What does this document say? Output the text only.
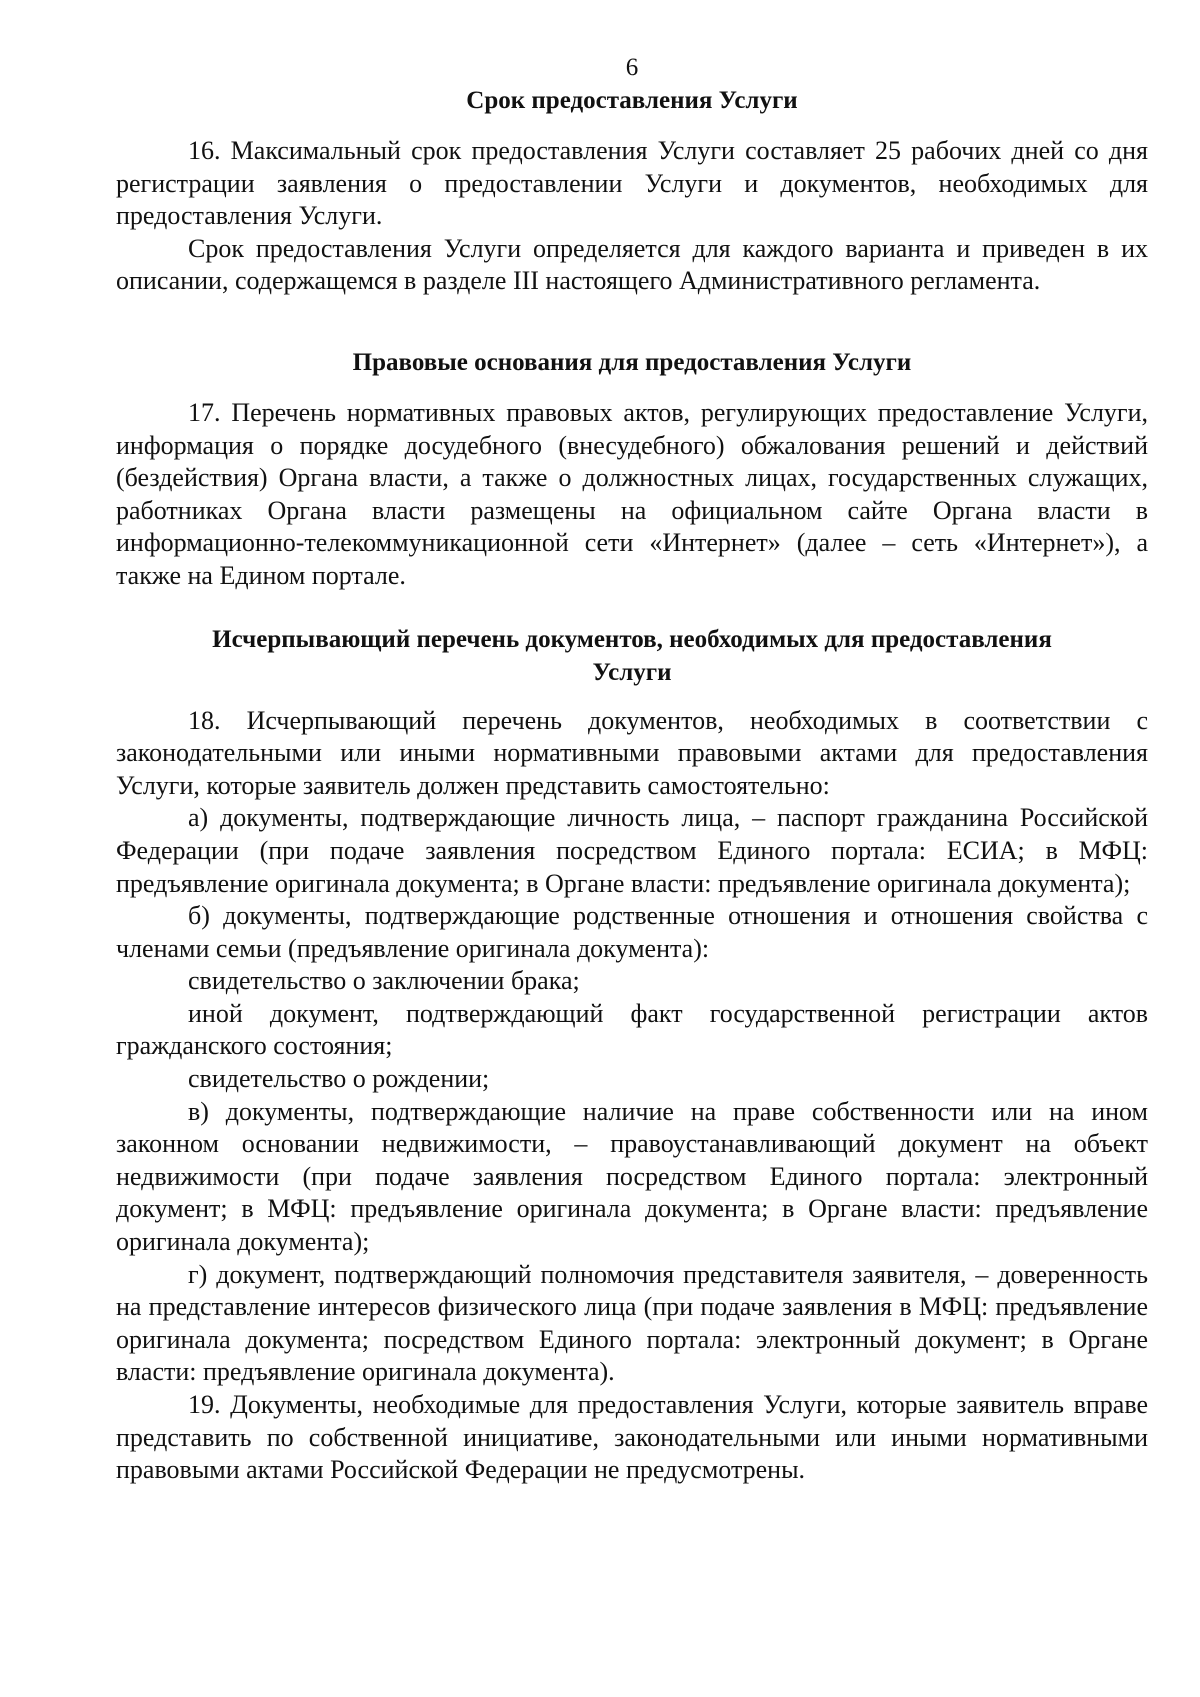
6

Срок предоставления Услуги

16. Максимальный срок предоставления Услуги составляет 25 рабочих дней со дня регистрации заявления о предоставлении Услуги и документов, необходимых для предоставления Услуги.

Срок предоставления Услуги определяется для каждого варианта и приведен в их описании, содержащемся в разделе III настоящего Административного регламента.

Правовые основания для предоставления Услуги

17. Перечень нормативных правовых актов, регулирующих предоставление Услуги, информация о порядке досудебного (внесудебного) обжалования решений и действий (бездействия) Органа власти, а также о должностных лицах, государственных служащих, работниках Органа власти размещены на официальном сайте Органа власти в информационно-телекоммуникационной сети «Интернет» (далее – сеть «Интернет»), а также на Едином портале.

Исчерпывающий перечень документов, необходимых для предоставления

Услуги

18. Исчерпывающий перечень документов, необходимых в соответствии с законодательными или иными нормативными правовыми актами для предоставления Услуги, которые заявитель должен представить самостоятельно:

а) документы, подтверждающие личность лица, – паспорт гражданина Российской Федерации (при подаче заявления посредством Единого портала: ЕСИА; в МФЦ: предъявление оригинала документа; в Органе власти: предъявление оригинала документа);

б) документы, подтверждающие родственные отношения и отношения свойства с членами семьи (предъявление оригинала документа):

свидетельство о заключении брака;

иной документ, подтверждающий факт государственной регистрации актов гражданского состояния;

свидетельство о рождении;

в) документы, подтверждающие наличие на праве собственности или на ином законном основании недвижимости, – правоустанавливающий документ на объект недвижимости (при подаче заявления посредством Единого портала: электронный документ; в МФЦ: предъявление оригинала документа; в Органе власти: предъявление оригинала документа);

г) документ, подтверждающий полномочия представителя заявителя, – доверенность на представление интересов физического лица (при подаче заявления в МФЦ: предъявление оригинала документа; посредством Единого портала: электронный документ; в Органе власти: предъявление оригинала документа).

19. Документы, необходимые для предоставления Услуги, которые заявитель вправе представить по собственной инициативе, законодательными или иными нормативными правовыми актами Российской Федерации не предусмотрены.
